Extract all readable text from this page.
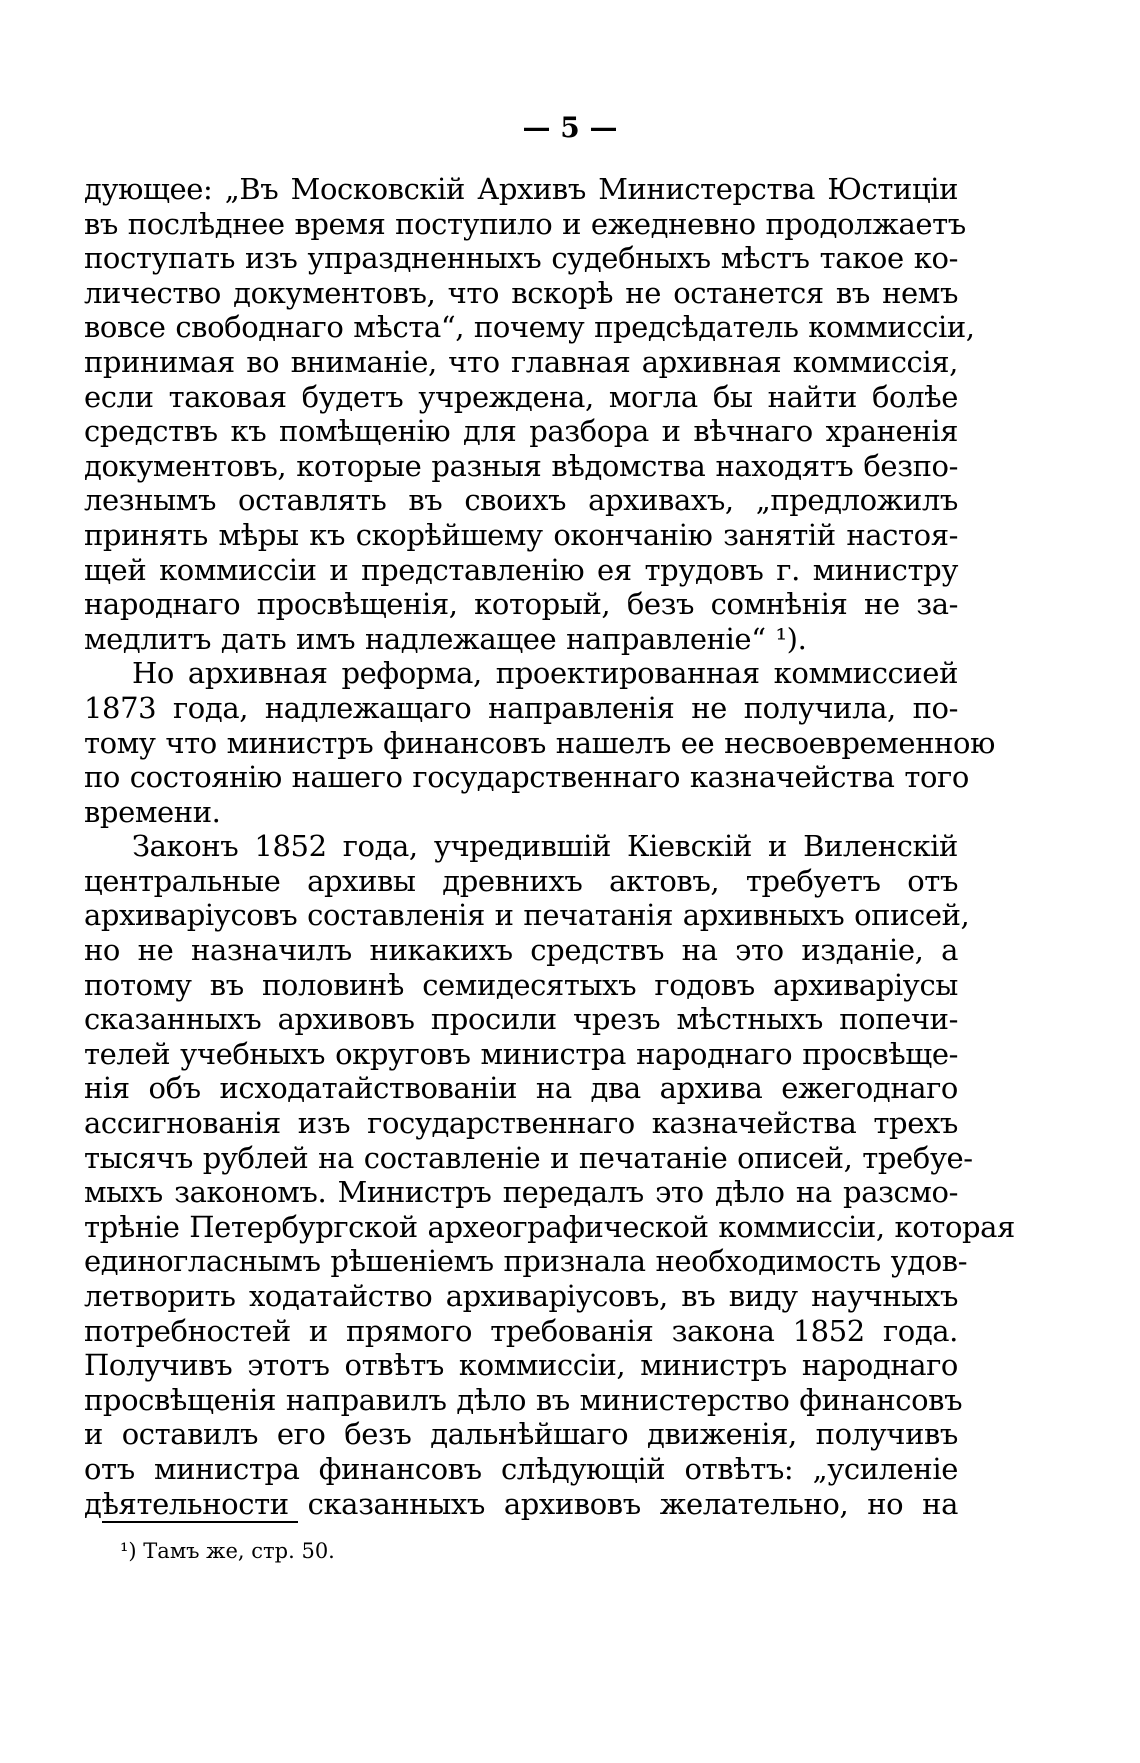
— 5 —
дующее: „Въ Московскій Архивъ Министерства Юстиціи
въ послѣднее время поступило и ежедневно продолжаетъ
поступать изъ упраздненныхъ судебныхъ мѣстъ такое ко-
личество документовъ, что вскорѣ не останется въ немъ
вовсе свободнаго мѣста“, почему предсѣдатель коммиссіи,
принимая во вниманіе, что главная архивная коммиссія,
если таковая будетъ учреждена, могла бы найти болѣе
средствъ къ помѣщенію для разбора и вѣчнаго храненія
документовъ, которые разныя вѣдомства находятъ безпо-
лезнымъ оставлять въ своихъ архивахъ, „предложилъ
принять мѣры къ скорѣйшему окончанію занятій настоя-
щей коммиссіи и представленію ея трудовъ г. министру
народнаго просвѣщенія, который, безъ сомнѣнія не за-
медлитъ дать имъ надлежащее направленіе“ ¹).
Но архивная реформа, проектированная коммиссией
1873 года, надлежащаго направленія не получила, по-
тому что министръ финансовъ нашелъ ее несвоевременною
по состоянію нашего государственнаго казначейства того
времени.
Законъ 1852 года, учредившій Кіевскій и Виленскій
центральные архивы древнихъ актовъ, требуетъ отъ
архиваріусовъ составленія и печатанія архивныхъ описей,
но не назначилъ никакихъ средствъ на это изданіе, а
потому въ половинѣ семидесятыхъ годовъ архиваріусы
сказанныхъ архивовъ просили чрезъ мѣстныхъ попечи-
телей учебныхъ округовъ министра народнаго просвѣще-
нія объ исходатайствованіи на два архива ежегоднаго
ассигнованія изъ государственнаго казначейства трехъ
тысячъ рублей на составленіе и печатаніе описей, требуе-
мыхъ закономъ. Министръ передалъ это дѣло на разсмо-
трѣніе Петербургской археографической коммиссіи, которая
единогласнымъ рѣшеніемъ признала необходимость удов-
летворить ходатайство архиваріусовъ, въ виду научныхъ
потребностей и прямого требованія закона 1852 года.
Получивъ этотъ отвѣтъ коммиссіи, министръ народнаго
просвѣщенія направилъ дѣло въ министерство финансовъ
и оставилъ его безъ дальнѣйшаго движенія, получивъ
отъ министра финансовъ слѣдующій отвѣтъ: „усиленіе
дѣятельности сказанныхъ архивовъ желательно, но на
¹) Тамъ же, стр. 50.
